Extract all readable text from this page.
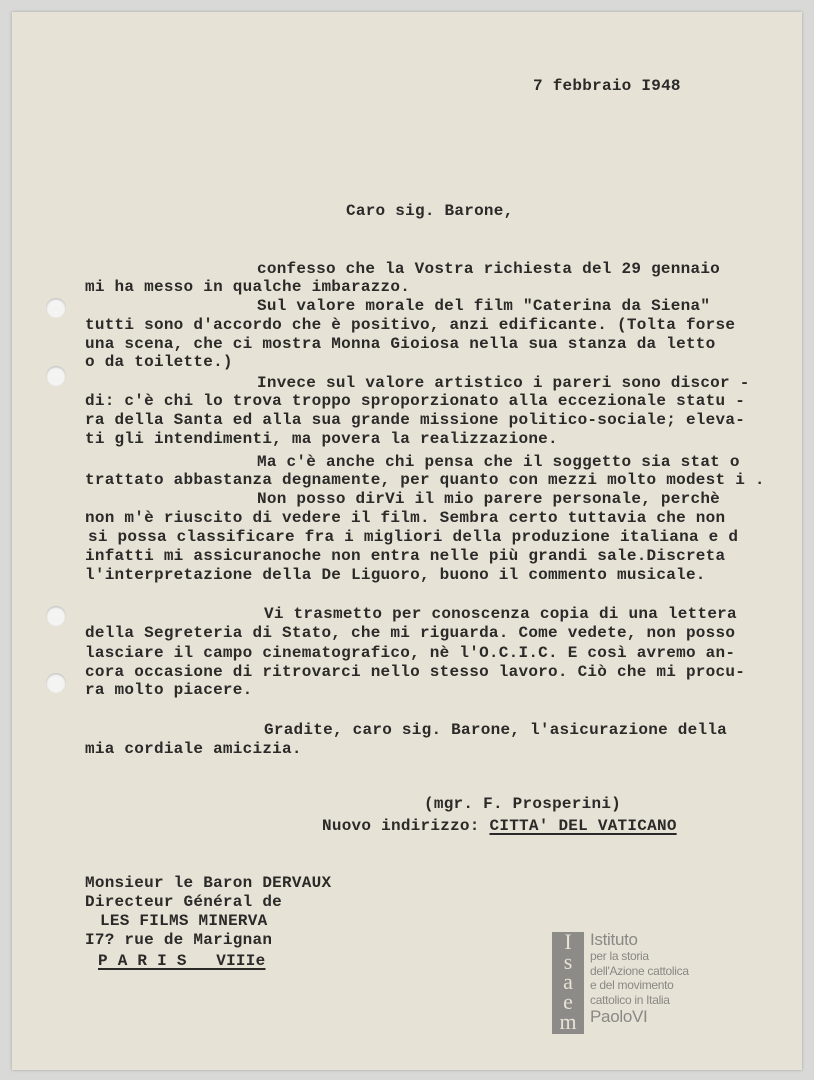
7 febbraio I948
Caro sig. Barone,
confesso che la Vostra richiesta del 29 gennaio
mi ha messo in qualche imbarazzo.
Sul valore morale del film "Caterina da Siena"
tutti sono d'accordo che è positivo, anzi edificante. (Tolta forse
una scena, che ci mostra Monna Gioiosa nella sua stanza da letto
o da toilette.)
Invece sul valore artistico i pareri sono discor -
di: c'è chi lo trova troppo sproporzionato alla eccezionale statu -
ra della Santa ed alla sua grande missione politico-sociale; eleva-
ti gli intendimenti, ma povera la realizzazione.
Ma c'è anche chi pensa che il soggetto sia stat o
trattato abbastanza degnamente, per quanto con mezzi molto modest i .
Non posso dirVi il mio parere personale, perchè
non m'è riuscito di vedere il film. Sembra certo tuttavia che non
si possa classificare fra i migliori della produzione italiana e d
infatti mi assicuranoche non entra nelle più grandi sale.Discreta
l'interpretazione della De Liguoro, buono il commento musicale.
Vi trasmetto per conoscenza copia di una lettera
della Segreteria di Stato, che mi riguarda. Come vedete, non posso
lasciare il campo cinematografico, nè l'O.C.I.C. E così avremo an-
cora occasione di ritrovarci nello stesso lavoro. Ciò che mi procu-
ra molto piacere.
Gradite, caro sig. Barone, l'asicurazione della
mia cordiale amicizia.
(mgr. F. Prosperini)
Nuovo indirizzo: CITTA' DEL VATICANO
Monsieur le Baron DERVAUX
Directeur Général de
LES FILMS MINERVA
I7? rue de Marignan
P A R I S   VIIIe
I
s
a
e
m
Istituto
per la storia
dell'Azione cattolica
e del movimento
cattolico in Italia
PaoloVI
